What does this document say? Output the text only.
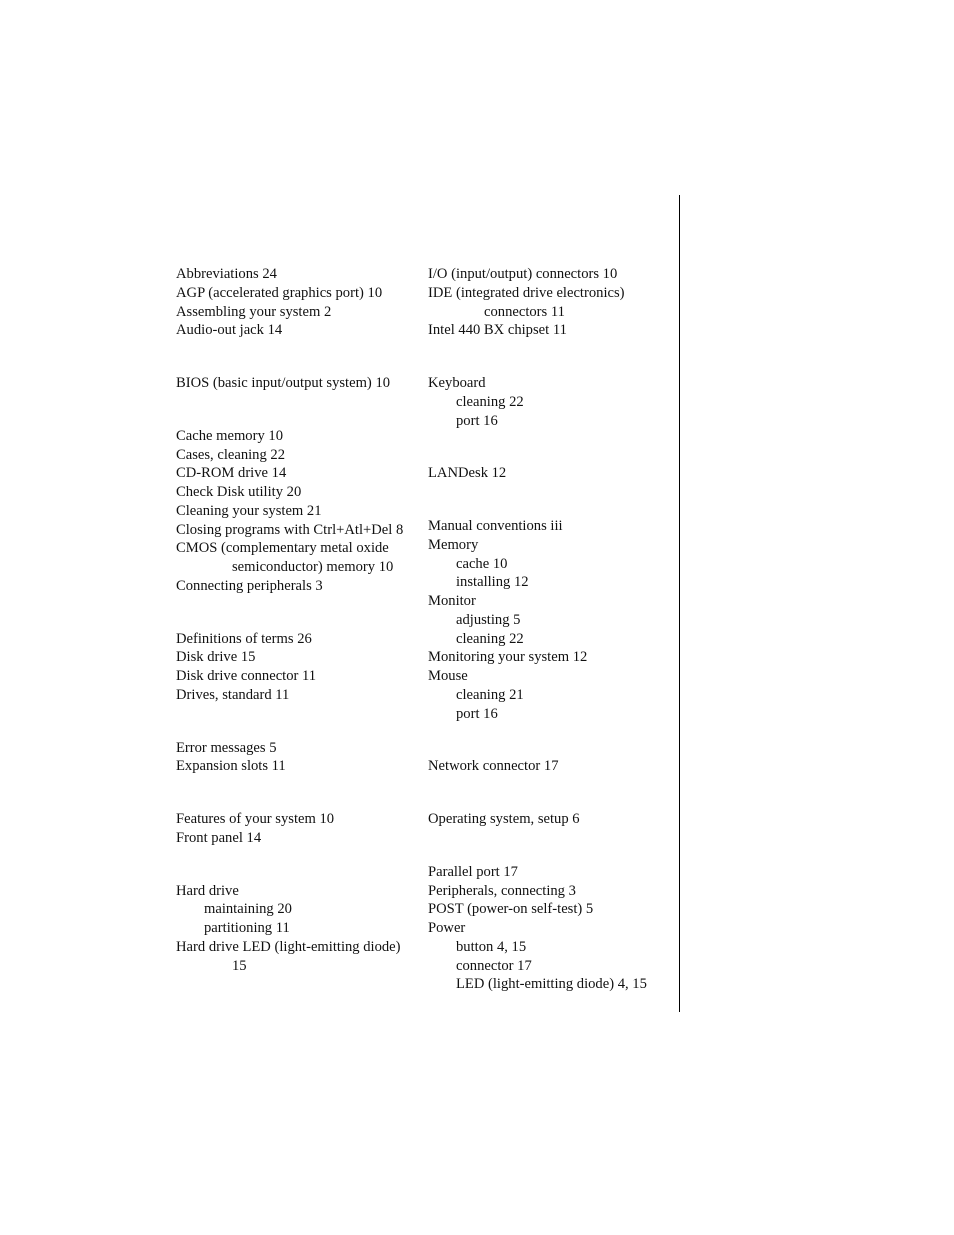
Abbreviations 24
AGP (accelerated graphics port) 10
Assembling your system 2
Audio-out jack 14
BIOS (basic input/output system) 10
Cache memory 10
Cases, cleaning 22
CD-ROM drive 14
Check Disk utility 20
Cleaning your system 21
Closing programs with Ctrl+Atl+Del 8
CMOS (complementary metal oxide
semiconductor) memory 10
Connecting peripherals 3
Definitions of terms 26
Disk drive 15
Disk drive connector 11
Drives, standard 11
Error messages 5
Expansion slots 11
Features of your system 10
Front panel 14
Hard drive
maintaining 20
partitioning 11
Hard drive LED (light-emitting diode)
15
I/O (input/output) connectors 10
IDE (integrated drive electronics)
connectors 11
Intel 440 BX chipset 11
Keyboard
cleaning 22
port 16
LANDesk 12
Manual conventions iii
Memory
cache 10
installing 12
Monitor
adjusting 5
cleaning 22
Monitoring your system 12
Mouse
cleaning 21
port 16
Network connector 17
Operating system, setup 6
Parallel port 17
Peripherals, connecting 3
POST (power-on self-test) 5
Power
button 4, 15
connector 17
LED (light-emitting diode) 4, 15
